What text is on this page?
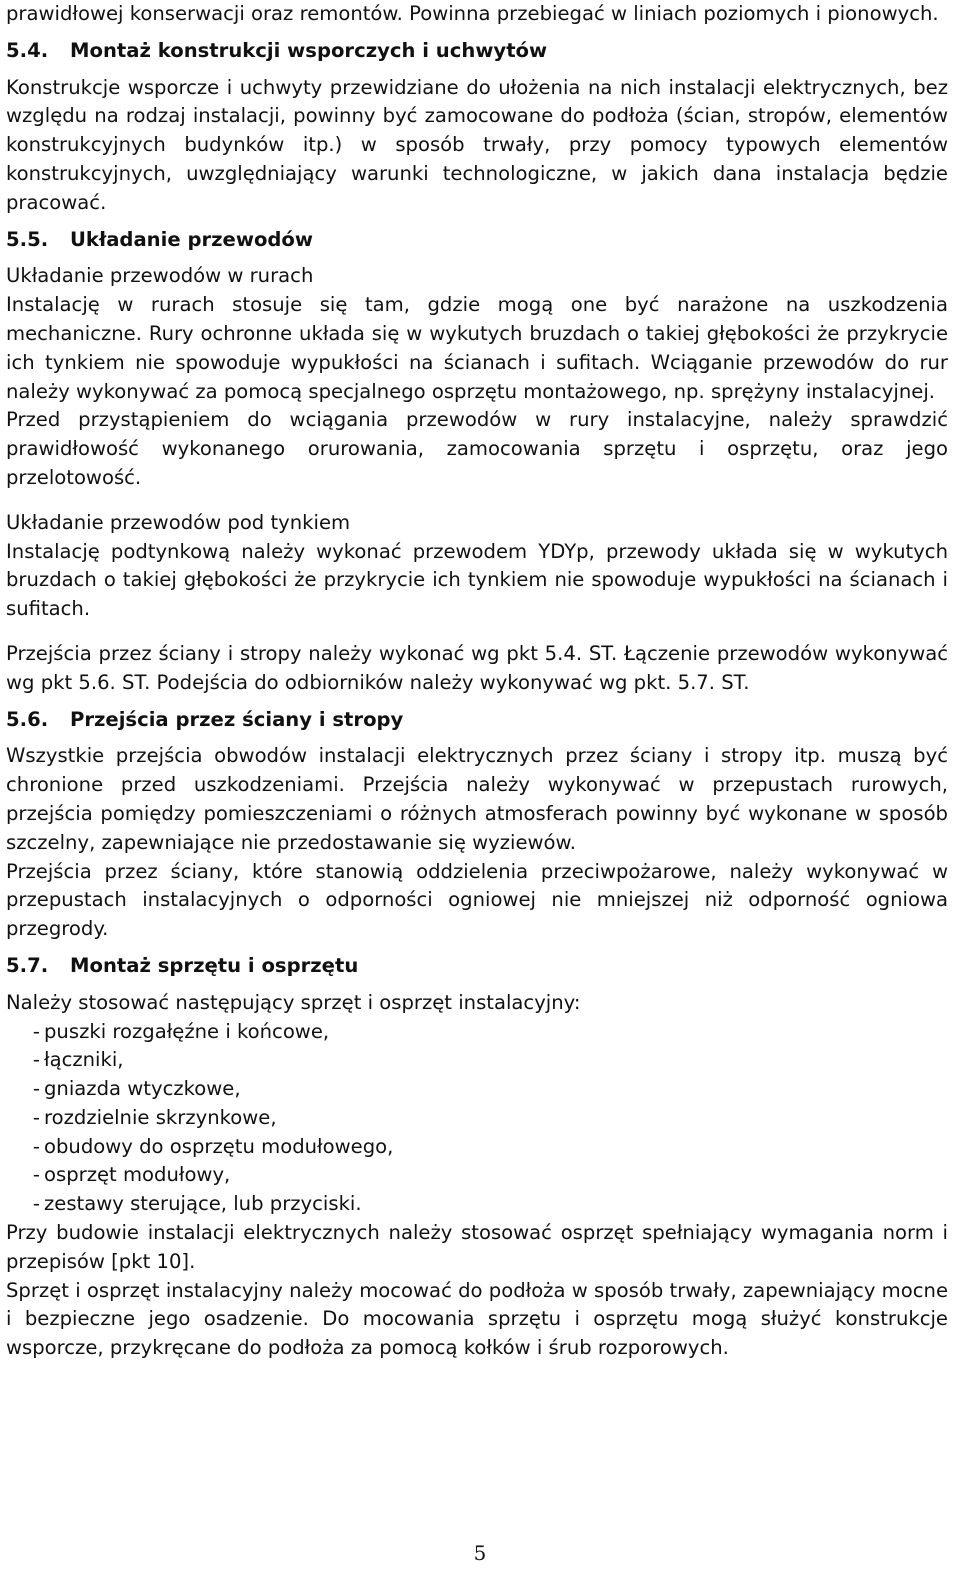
prawidłowej konserwacji oraz remontów. Powinna przebiegać w liniach poziomych i pionowych.

5.4. Montaż konstrukcji wsporczych i uchwytów

Konstrukcje wsporcze i uchwyty przewidziane do ułożenia na nich instalacji elektrycznych, bez względu na rodzaj instalacji, powinny być zamocowane do podłoża (ścian, stropów, elementów konstrukcyjnych budynków itp.) w sposób trwały, przy pomocy typowych elementów konstrukcyjnych, uwzględniający warunki technologiczne, w jakich dana instalacja będzie pracować.

5.5. Układanie przewodów

Układanie przewodów w rurach

Instalację w rurach stosuje się tam, gdzie mogą one być narażone na uszkodzenia mechaniczne. Rury ochronne układa się w wykutych bruzdach o takiej głębokości że przykrycie ich tynkiem nie spowoduje wypukłości na ścianach i sufitach. Wciąganie przewodów do rur należy wykonywać za pomocą specjalnego osprzętu montażowego, np. sprężyny instalacyjnej.

Przed przystąpieniem do wciągania przewodów w rury instalacyjne, należy sprawdzić prawidłowość wykonanego orurowania, zamocowania sprzętu i osprzętu, oraz jego przelotowość.

Układanie przewodów pod tynkiem

Instalację podtynkową należy wykonać przewodem YDYp, przewody układa się w wykutych bruzdach o takiej głębokości że przykrycie ich tynkiem nie spowoduje wypukłości na ścianach i sufitach.

Przejścia przez ściany i stropy należy wykonać wg pkt 5.4. ST. Łączenie przewodów wykonywać wg pkt 5.6. ST. Podejścia do odbiorników należy wykonywać wg pkt. 5.7. ST.

5.6. Przejścia przez ściany i stropy

Wszystkie przejścia obwodów instalacji elektrycznych przez ściany i stropy itp. muszą być chronione przed uszkodzeniami. Przejścia należy wykonywać w przepustach rurowych, przejścia pomiędzy pomieszczeniami o różnych atmosferach powinny być wykonane w sposób szczelny, zapewniające nie przedostawanie się wyziewów.

Przejścia przez ściany, które stanowią oddzielenia przeciwpożarowe, należy wykonywać w przepustach instalacyjnych o odporności ogniowej nie mniejszej niż odporność ogniowa przegrody.

5.7. Montaż sprzętu i osprzętu

Należy stosować następujący sprzęt i osprzęt instalacyjny:

- puszki rozgałęźne i końcowe,
- łączniki,
- gniazda wtyczkowe,
- rozdzielnie skrzynkowe,
- obudowy do osprzętu modułowego,
- osprzęt modułowy,
- zestawy sterujące, lub przyciski.

Przy budowie instalacji elektrycznych należy stosować osprzęt spełniający wymagania norm i przepisów [pkt 10].

Sprzęt i osprzęt instalacyjny należy mocować do podłoża w sposób trwały, zapewniający mocne i bezpieczne jego osadzenie. Do mocowania sprzętu i osprzętu mogą służyć konstrukcje wsporcze, przykręcane do podłoża za pomocą kołków i śrub rozporowych.

5
